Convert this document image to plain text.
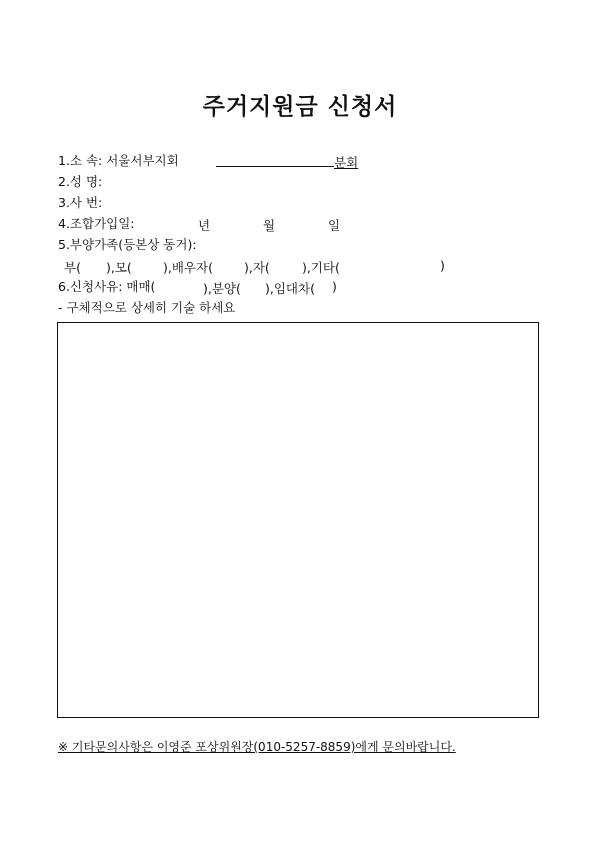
주거지원금 신청서
1.소 속: 서울서부지회	분회
2.성 명:
3.사 번:
4.조합가입일:	년	월	일
5.부양가족(등본상 동거):
부( ),모( ),배우자( ),자(	),기타(	)
6.신청사유: 매매(	),분양( ),임대차( )
- 구체적으로 상세히 기술 하세요
※ 기타문의사항은 이영준 포상위원장(010-5257-8859)에게 문의바랍니다.
